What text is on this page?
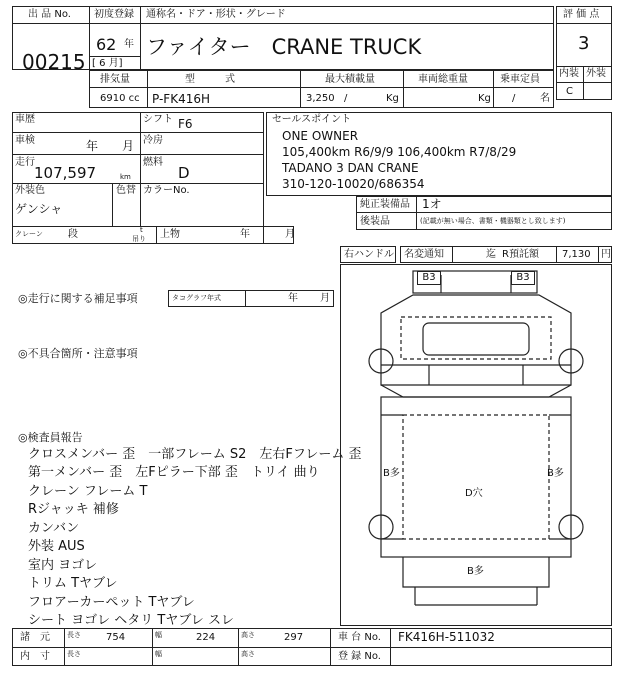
出 品 No.
00215
初度登録 通称名・ドア・形状・グレード
62 年
[ 6 月]
ファイター　CRANE TRUCK
評 価 点
3
内装 外装
C
排気量	型　　　式	最大積載量	車両総重量	乗車定員
6910 cc P-FK416H	3,250 /	Kg	Kg / 名
車歴	シフト F6
車検	年 月 冷房
走行
107,597	km
燃料
D
外装色
ゲンシャ
色替 カラーNo.
セールスポイント
ONE OWNER
105,400km R6/9/9 106,400km R7/8/29
TADANO 3 DAN CRANE
310-120-10020/686354
純正装備品 1オ
後装品	(記載が無い場合、書類・機器類とし致します)
クレーン	段	t
吊り 上物	年	月
右ハンドル 名変通知	迄 R預託額 7,130 円
◎走行に関する補足事項	タコグラフ年式	年 月
◎不具合箇所・注意事項
◎検査員報告
クロスメンバー 歪　一部フレーム S2　左右Fフレーム 歪
第一メンバー 歪　左Fピラー下部 歪　トリイ 曲り
クレーン フレーム T
Rジャッキ 補修
カンバン
外装 AUS
室内 ヨゴレ
トリム Tヤブレ
フロアーカーペット Tヤブレ
シート ヨゴレ ヘタリ Tヤブレ スレ
B3	B3
B多	B多
D穴
B多
諸　元 長さ	754	幅	224	高さ	297	車 台 No. FK416H-511032
内　寸 長さ	幅	高さ	登 録 No.
